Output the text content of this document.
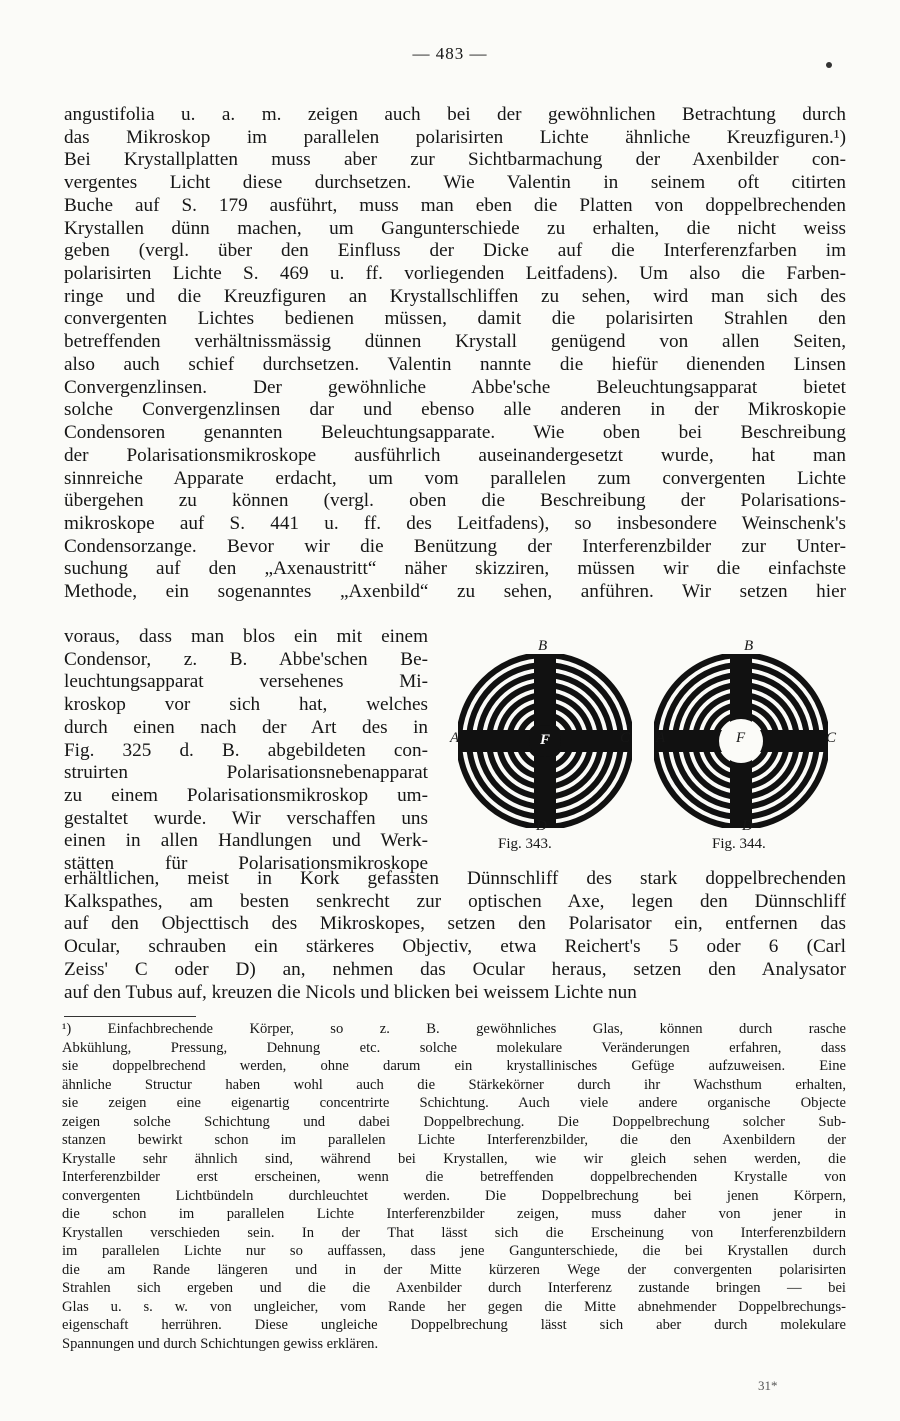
— 483 —
angustifolia u. a. m. zeigen auch bei der gewöhnlichen Betrachtung durch
das Mikroskop im parallelen polarisirten Lichte ähnliche Kreuzfiguren.¹)
Bei Krystallplatten muss aber zur Sichtbarmachung der Axenbilder con-
vergentes Licht diese durchsetzen. Wie Valentin in seinem oft citirten
Buche auf S. 179 ausführt, muss man eben die Platten von doppelbrechenden
Krystallen dünn machen, um Gangunterschiede zu erhalten, die nicht weiss
geben (vergl. über den Einfluss der Dicke auf die Interferenzfarben im
polarisirten Lichte S. 469 u. ff. vorliegenden Leitfadens). Um also die Farben-
ringe und die Kreuzfiguren an Krystallschliffen zu sehen, wird man sich des
convergenten Lichtes bedienen müssen, damit die polarisirten Strahlen den
betreffenden verhältnissmässig dünnen Krystall genügend von allen Seiten,
also auch schief durchsetzen. Valentin nannte die hiefür dienenden Linsen
Convergenzlinsen. Der gewöhnliche Abbe'sche Beleuchtungsapparat bietet
solche Convergenzlinsen dar und ebenso alle anderen in der Mikroskopie
Condensoren genannten Beleuchtungsapparate. Wie oben bei Beschreibung
der Polarisationsmikroskope ausführlich auseinandergesetzt wurde, hat man
sinnreiche Apparate erdacht, um vom parallelen zum convergenten Lichte
übergehen zu können (vergl. oben die Beschreibung der Polarisations-
mikroskope auf S. 441 u. ff. des Leitfadens), so insbesondere Weinschenk's
Condensorzange. Bevor wir die Benützung der Interferenzbilder zur Unter-
suchung auf den „Axenaustritt“ näher skizziren, müssen wir die einfachste
Methode, ein sogenanntes „Axenbild“ zu sehen, anführen. Wir setzen hier
voraus, dass man blos ein mit einem
Condensor, z. B. Abbe'schen Be-
leuchtungsapparat versehenes Mi-
kroskop vor sich hat, welches
durch einen nach der Art des in
Fig. 325 d. B. abgebildeten con-
struirten Polarisationsnebenapparat
zu einem Polarisationsmikroskop um-
gestaltet wurde. Wir verschaffen uns
einen in allen Handlungen und Werk-
stätten für Polarisationsmikroskope
B
A	C
D
F
Fig. 343.
B
A	C
D
F
Fig. 344.
erhältlichen, meist in Kork gefassten Dünnschliff des stark doppelbrechenden
Kalkspathes, am besten senkrecht zur optischen Axe, legen den Dünnschliff
auf den Objecttisch des Mikroskopes, setzen den Polarisator ein, entfernen das
Ocular, schrauben ein stärkeres Objectiv, etwa Reichert's 5 oder 6 (Carl
Zeiss' C oder D) an, nehmen das Ocular heraus, setzen den Analysator
auf den Tubus auf, kreuzen die Nicols und blicken bei weissem Lichte nun
¹) Einfachbrechende Körper, so z. B. gewöhnliches Glas, können durch rasche
Abkühlung, Pressung, Dehnung etc. solche molekulare Veränderungen erfahren, dass
sie doppelbrechend werden, ohne darum ein krystallinisches Gefüge aufzuweisen. Eine
ähnliche Structur haben wohl auch die Stärkekörner durch ihr Wachsthum erhalten,
sie zeigen eine eigenartig concentrirte Schichtung. Auch viele andere organische Objecte
zeigen solche Schichtung und dabei Doppelbrechung. Die Doppelbrechung solcher Sub-
stanzen bewirkt schon im parallelen Lichte Interferenzbilder, die den Axenbildern der
Krystalle sehr ähnlich sind, während bei Krystallen, wie wir gleich sehen werden, die
Interferenzbilder erst erscheinen, wenn die betreffenden doppelbrechenden Krystalle von
convergenten Lichtbündeln durchleuchtet werden. Die Doppelbrechung bei jenen Körpern,
die schon im parallelen Lichte Interferenzbilder zeigen, muss daher von jener in
Krystallen verschieden sein. In der That lässt sich die Erscheinung von Interferenzbildern
im parallelen Lichte nur so auffassen, dass jene Gangunterschiede, die bei Krystallen durch
die am Rande längeren und in der Mitte kürzeren Wege der convergenten polarisirten
Strahlen sich ergeben und die die Axenbilder durch Interferenz zustande bringen — bei
Glas u. s. w. von ungleicher, vom Rande her gegen die Mitte abnehmender Doppelbrechungs-
eigenschaft herrühren. Diese ungleiche Doppelbrechung lässt sich aber durch molekulare
Spannungen und durch Schichtungen gewiss erklären.
31*
